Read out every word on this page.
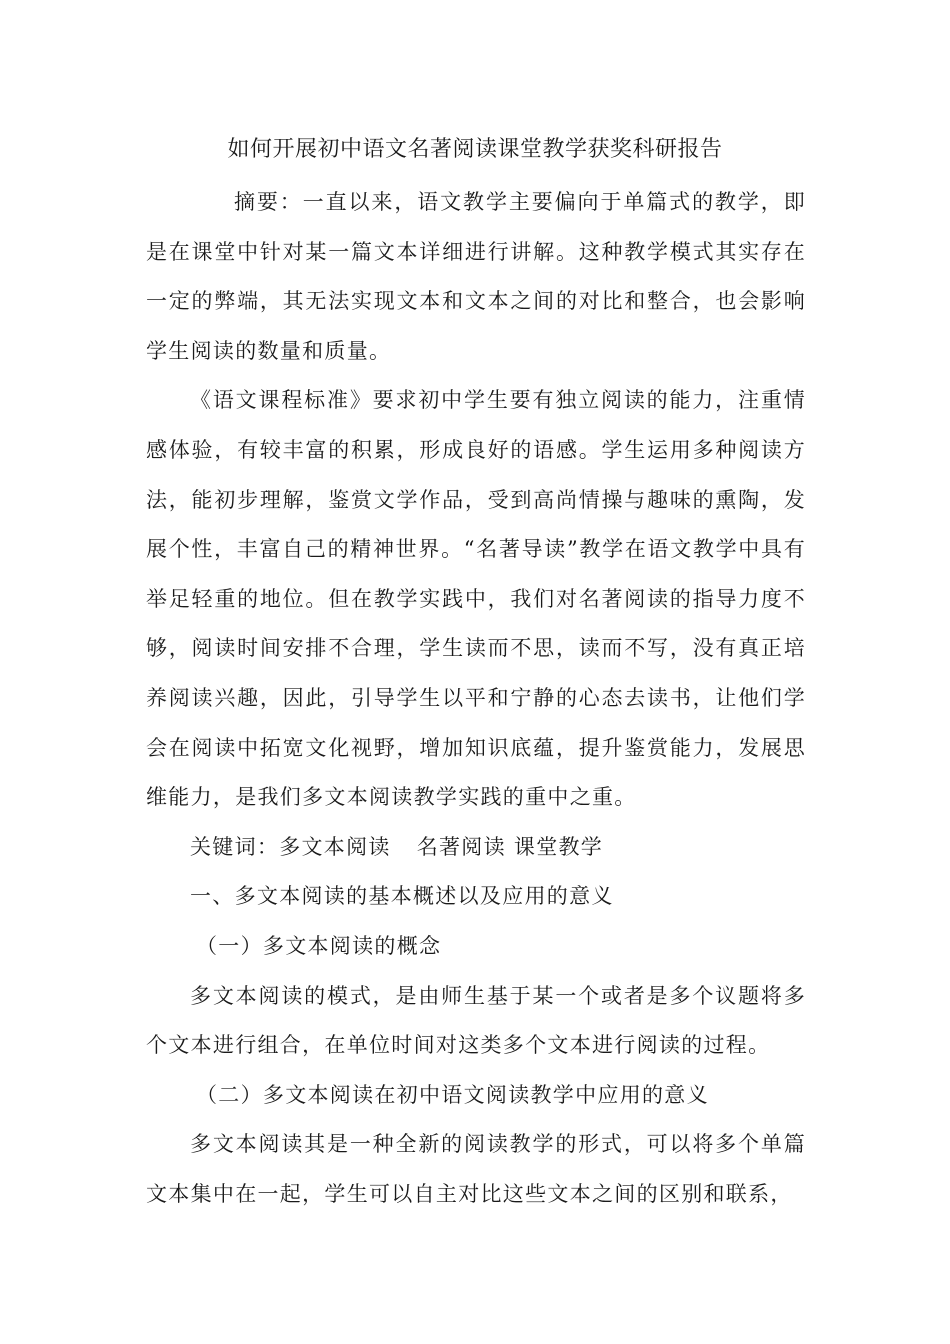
如何开展初中语文名著阅读课堂教学获奖科研报告

摘要：一直以来，语文教学主要偏向于单篇式的教学，即是在课堂中针对某一篇文本详细进行讲解。这种教学模式其实存在一定的弊端，其无法实现文本和文本之间的对比和整合，也会影响学生阅读的数量和质量。

《语文课程标准》要求初中学生要有独立阅读的能力，注重情感体验，有较丰富的积累，形成良好的语感。学生运用多种阅读方法，能初步理解，鉴赏文学作品，受到高尚情操与趣味的熏陶，发展个性，丰富自己的精神世界。“名著导读”教学在语文教学中具有举足轻重的地位。但在教学实践中，我们对名著阅读的指导力度不够，阅读时间安排不合理，学生读而不思，读而不写，没有真正培养阅读兴趣，因此，引导学生以平和宁静的心态去读书，让他们学会在阅读中拓宽文化视野，增加知识底蕴，提升鉴赏能力，发展思维能力，是我们多文本阅读教学实践的重中之重。

关键词：多文本阅读 名著阅读 课堂教学

一、多文本阅读的基本概述以及应用的意义

（一）多文本阅读的概念

多文本阅读的模式，是由师生基于某一个或者是多个议题将多个文本进行组合，在单位时间对这类多个文本进行阅读的过程。

（二）多文本阅读在初中语文阅读教学中应用的意义

多文本阅读其是一种全新的阅读教学的形式，可以将多个单篇文本集中在一起，学生可以自主对比这些文本之间的区别和联系，
